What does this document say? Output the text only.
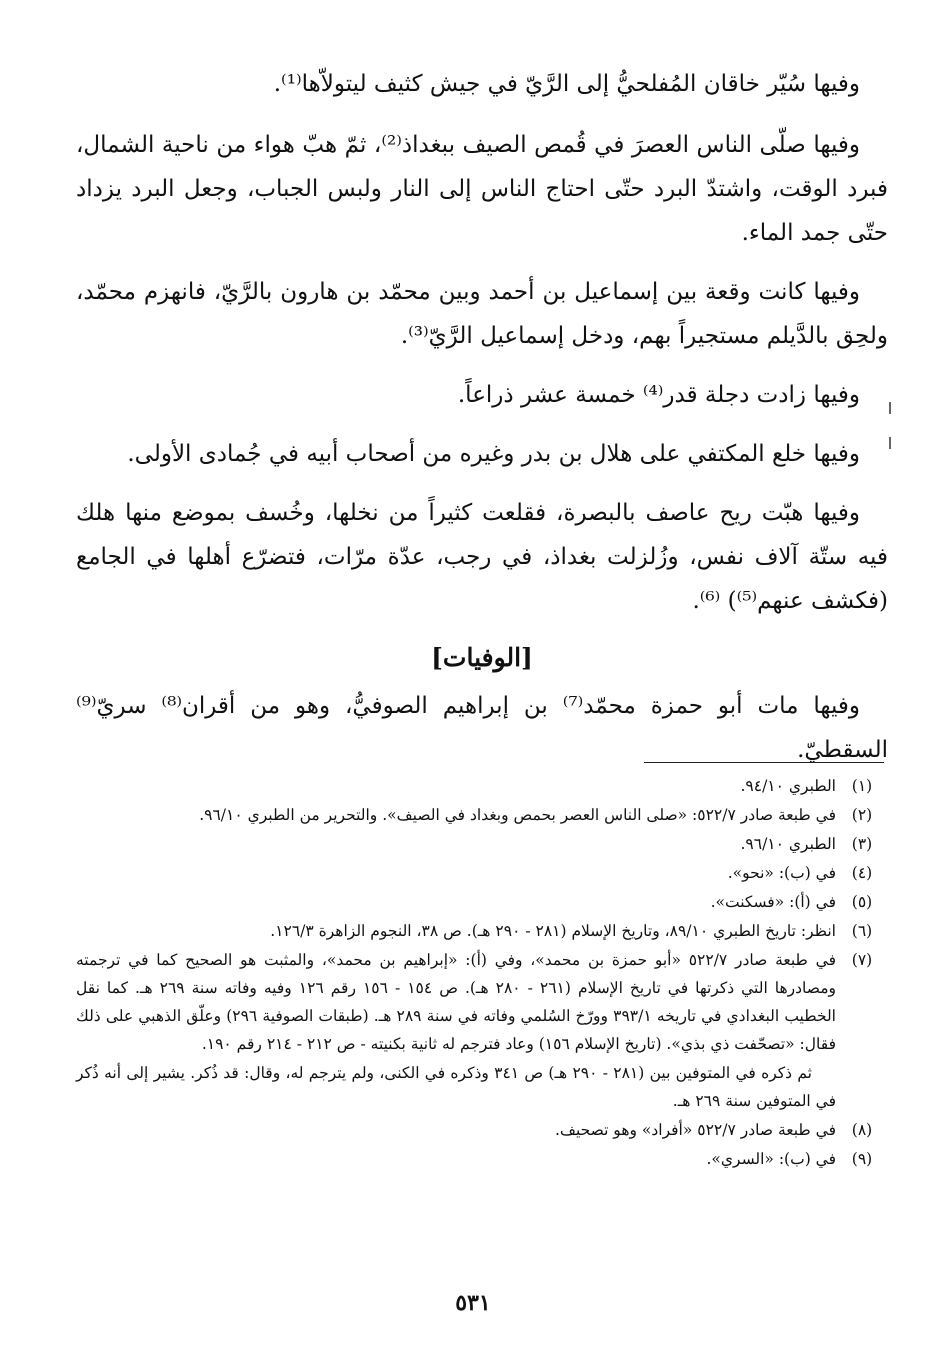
وفيها سُيّر خاقان المُفلحيُّ إلى الرَّيّ في جيش كثيف ليتولاّها⁽¹⁾.

وفيها صلّى الناس العصرَ في قُمص الصيف ببغداذ⁽²⁾، ثمّ هبّ هواء من ناحية الشمال، فبرد الوقت، واشتدّ البرد حتّى احتاج الناس إلى النار ولبس الجباب، وجعل البرد يزداد حتّى جمد الماء.

وفيها كانت وقعة بين إسماعيل بن أحمد وبين محمّد بن هارون بالرَّيّ، فانهزم محمّد، ولحِق بالدَّيلم مستجيراً بهم، ودخل إسماعيل الرَّيّ⁽³⁾.

وفيها زادت دجلة قدر⁽⁴⁾ خمسة عشر ذراعاً.

وفيها خلع المكتفي على هلال بن بدر وغيره من أصحاب أبيه في جُمادى الأولى.

وفيها هبّت ريح عاصف بالبصرة، فقلعت كثيراً من نخلها، وخُسف بموضع منها هلك فيه ستّة آلاف نفس، وزُلزلت بغداذ، في رجب، عدّة مرّات، فتضرّع أهلها في الجامع (فكشف عنهم⁽⁵⁾) ⁽⁶⁾.

[الوفيات]

وفيها مات أبو حمزة محمّد⁽⁷⁾ بن إبراهيم الصوفيُّ، وهو من أقران⁽⁸⁾ سريّ⁽⁹⁾ السقطيّ.

(١)
الطبري ٩٤/١٠.
(٢)
في طبعة صادر ٥٢٢/٧: «صلى الناس العصر بحمص وبغداد في الصيف». والتحرير من الطبري ٩٦/١٠.
(٣)
الطبري ٩٦/١٠.
(٤)
في (ب): «نحو».
(٥)
في (أ): «فسكنت».
(٦)
انظر: تاريخ الطبري ٨٩/١٠، وتاريخ الإسلام (٢٨١ - ٢٩٠ هـ). ص ٣٨، النجوم الزاهرة ١٢٦/٣.
(٧)
في طبعة صادر ٥٢٢/٧ «أبو حمزة بن محمد»، وفي (أ): «إبراهيم بن محمد»، والمثبت هو الصحيح كما في ترجمته ومصادرها التي ذكرتها في تاريخ الإسلام (٢٦١ - ٢٨٠ هـ). ص ١٥٤ - ١٥٦ رقم ١٢٦ وفيه وفاته سنة ٢٦٩ هـ. كما نقل الخطيب البغدادي في تاريخه ٣٩٣/١ وورّخ السُلمي وفاته في سنة ٢٨٩ هـ. (طبقات الصوفية ٢٩٦) وعلّق الذهبي على ذلك فقال: «تصحّفت ذي بذي». (تاريخ الإسلام ١٥٦) وعاد فترجم له ثانية بكنيته - ص ٢١٢ - ٢١٤ رقم ١٩٠.
ثم ذكره في المتوفين بين (٢٨١ - ٢٩٠ هـ) ص ٣٤١ وذكره في الكنى، ولم يترجم له، وقال: قد ذُكر. يشير إلى أنه ذُكر في المتوفين سنة ٢٦٩ هـ.
(٨)
في طبعة صادر ٥٢٢/٧ «أفراد» وهو تصحيف.
(٩)
في (ب): «السري».
٥٣١
